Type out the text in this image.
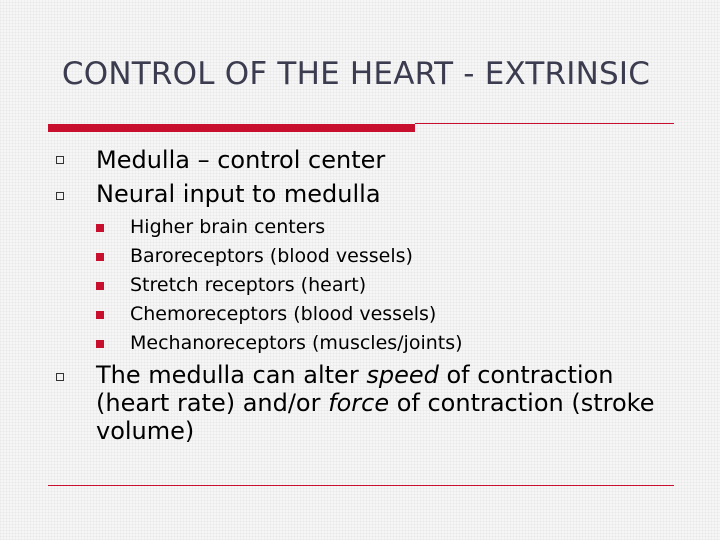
CONTROL OF THE HEART - EXTRINSIC
Medulla – control center
Neural input to medulla
Higher brain centers
Baroreceptors (blood vessels)
Stretch receptors (heart)
Chemoreceptors (blood vessels)
Mechanoreceptors (muscles/joints)
The medulla can alter speed of contraction (heart rate) and/or force of contraction (stroke volume)
